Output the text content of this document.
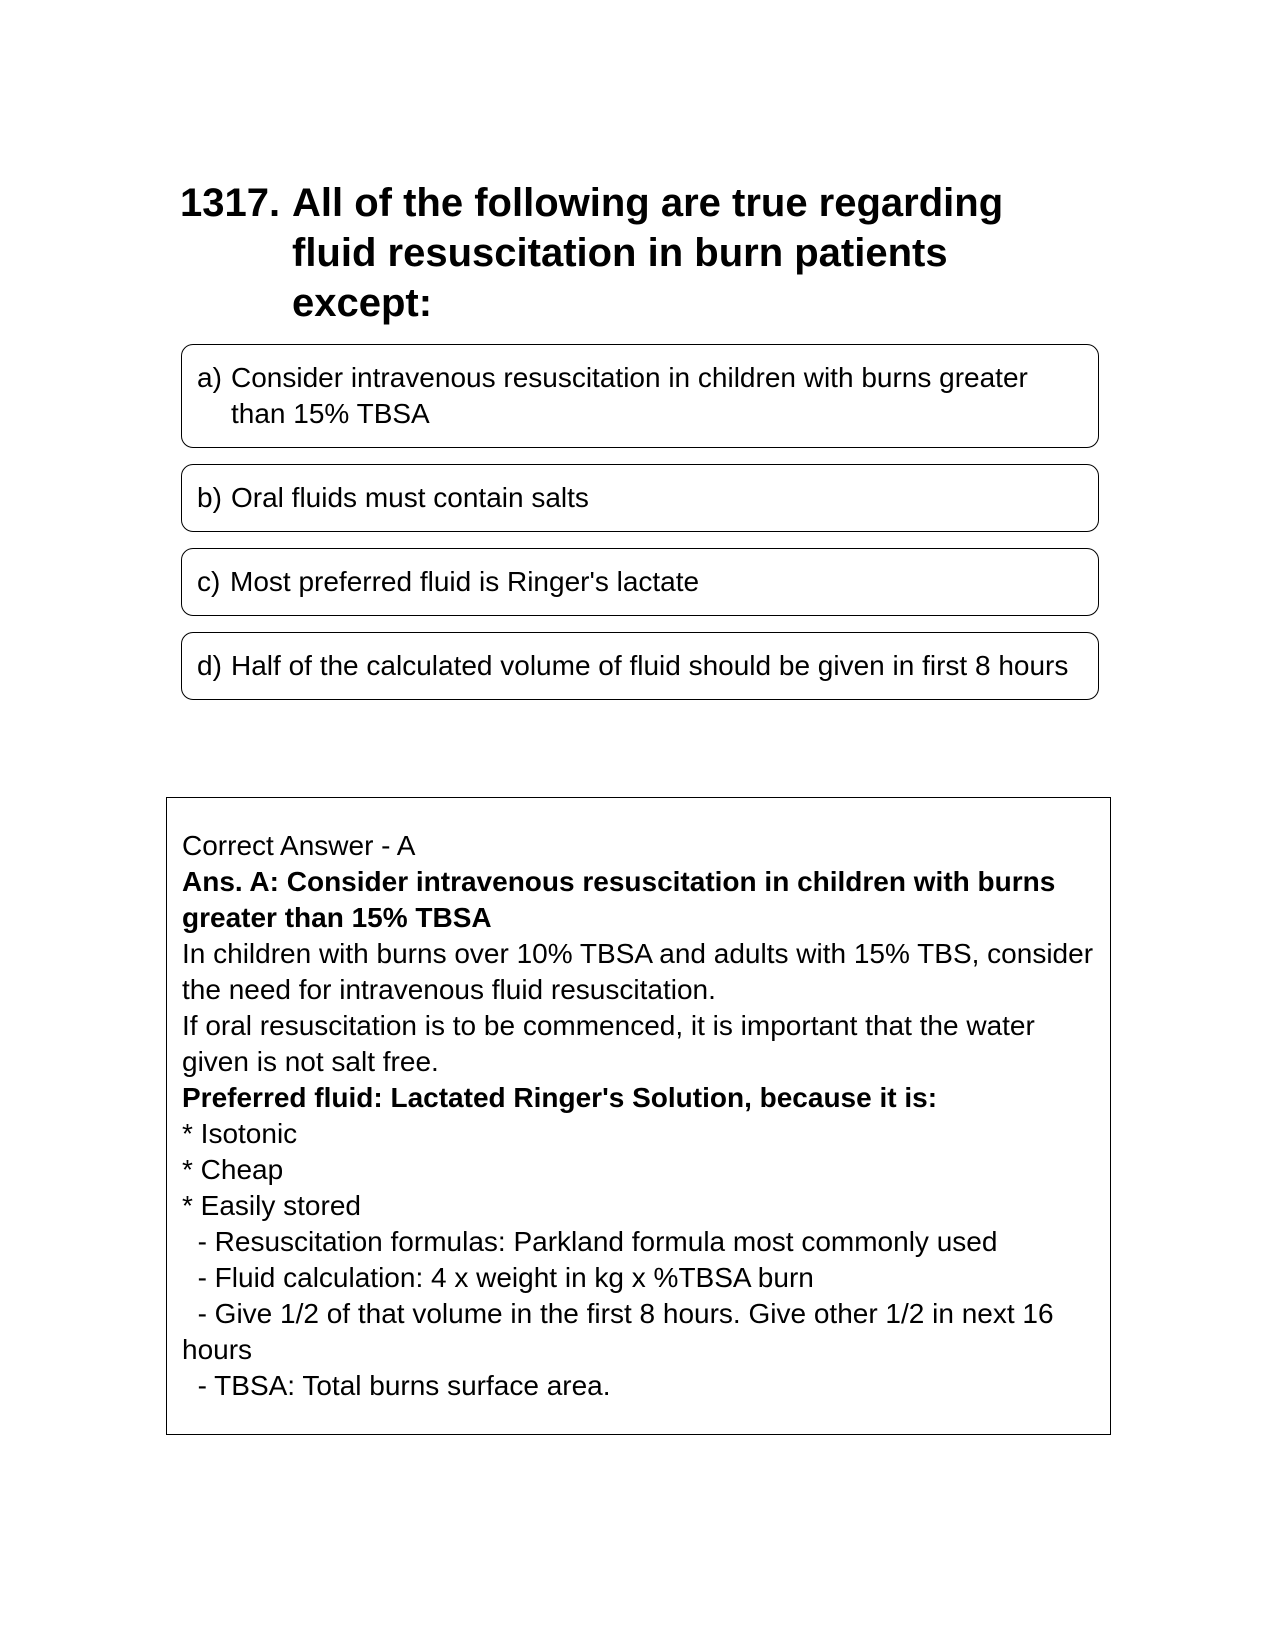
1317. All of the following are true regarding fluid resuscitation in burn patients except:
a) Consider intravenous resuscitation in children with burns greater than 15% TBSA
b) Oral fluids must contain salts
c) Most preferred fluid is Ringer's lactate
d) Half of the calculated volume of fluid should be given in first 8 hours
Correct Answer - A
Ans. A: Consider intravenous resuscitation in children with burns greater than 15% TBSA
In children with burns over 10% TBSA and adults with 15% TBS, consider the need for intravenous fluid resuscitation.
If oral resuscitation is to be commenced, it is important that the water given is not salt free.
Preferred fluid: Lactated Ringer's Solution, because it is:
* Isotonic
* Cheap
* Easily stored
- Resuscitation formulas: Parkland formula most commonly used
- Fluid calculation: 4 x weight in kg x %TBSA burn
- Give 1/2 of that volume in the first 8 hours. Give other 1/2 in next 16 hours
- TBSA: Total burns surface area.
